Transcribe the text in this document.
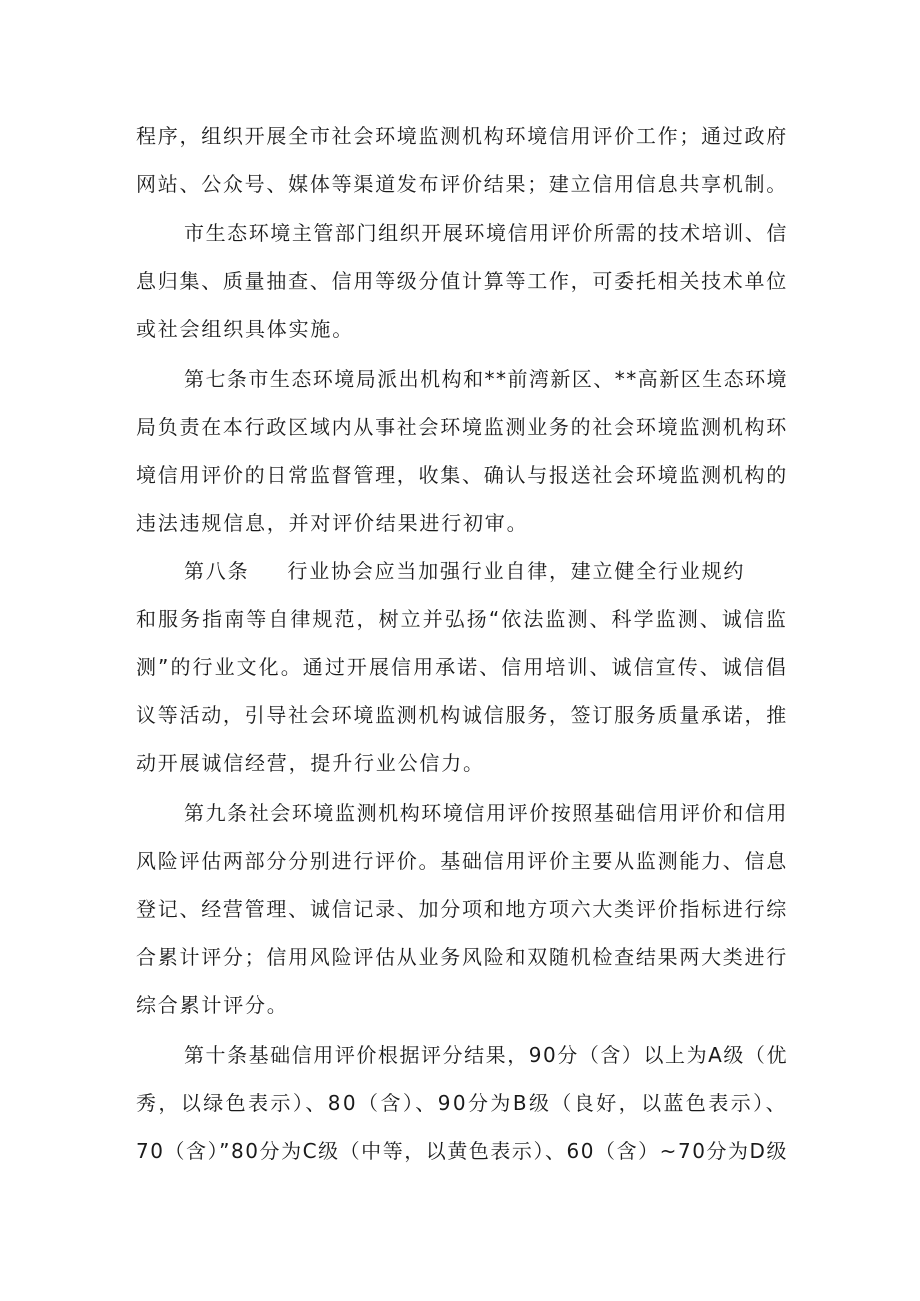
程序，组织开展全市社会环境监测机构环境信用评价工作；通过政府
网站、公众号、媒体等渠道发布评价结果；建立信用信息共享机制。
市生态环境主管部门组织开展环境信用评价所需的技术培训、信
息归集、质量抽查、信用等级分值计算等工作，可委托相关技术单位
或社会组织具体实施。
第七条市生态环境局派出机构和**前湾新区、**高新区生态环境
局负责在本行政区域内从事社会环境监测业务的社会环境监测机构环
境信用评价的日常监督管理，收集、确认与报送社会环境监测机构的
违法违规信息，并对评价结果进行初审。
第八条 行业协会应当加强行业自律，建立健全行业规约
和服务指南等自律规范，树立并弘扬“依法监测、科学监测、诚信监
测”的行业文化。通过开展信用承诺、信用培训、诚信宣传、诚信倡
议等活动，引导社会环境监测机构诚信服务，签订服务质量承诺，推
动开展诚信经营，提升行业公信力。
第九条社会环境监测机构环境信用评价按照基础信用评价和信用
风险评估两部分分别进行评价。基础信用评价主要从监测能力、信息
登记、经营管理、诚信记录、加分项和地方项六大类评价指标进行综
合累计评分；信用风险评估从业务风险和双随机检查结果两大类进行
综合累计评分。
第十条基础信用评价根据评分结果，90分（含）以上为A级（优
秀，以绿色表示）、80（含）、90分为B级（良好，以蓝色表示）、
70（含）”80分为C级（中等，以黄色表示）、60（含）~70分为D级
